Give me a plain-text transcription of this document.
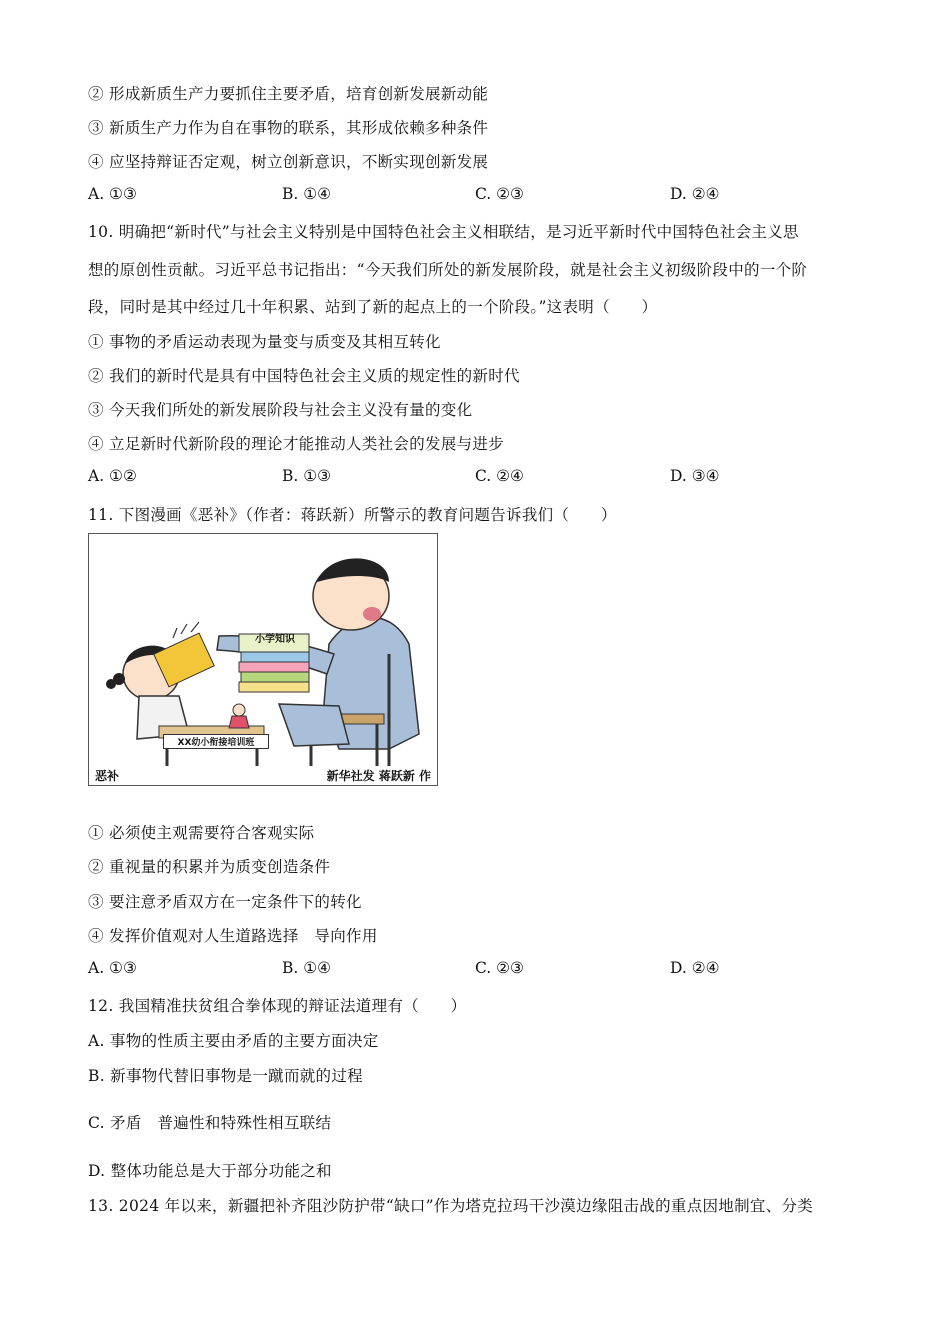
② 形成新质生产力要抓住主要矛盾，培育创新发展新动能
③ 新质生产力作为自在事物的联系，其形成依赖多种条件
④ 应坚持辩证否定观，树立创新意识，不断实现创新发展
A. ①③	B. ①④	C. ②③	D. ②④
10. 明确把“新时代”与社会主义特别是中国特色社会主义相联结，是习近平新时代中国特色社会主义思
想的原创性贡献。习近平总书记指出：“今天我们所处的新发展阶段，就是社会主义初级阶段中的一个阶
段，同时是其中经过几十年积累、站到了新的起点上的一个阶段。”这表明（　　）
① 事物的矛盾运动表现为量变与质变及其相互转化
② 我们的新时代是具有中国特色社会主义质的规定性的新时代
③ 今天我们所处的新发展阶段与社会主义没有量的变化
④ 立足新时代新阶段的理论才能推动人类社会的发展与进步
A. ①②	B. ①③	C. ②④	D. ③④
11. 下图漫画《恶补》（作者：蒋跃新）所警示的教育问题告诉我们（　　）
小学知识
XX幼小衔接培训班
恶补	新华社发 蒋跃新 作
① 必须使主观需要符合客观实际
② 重视量的积累并为质变创造条件
③ 要注意矛盾双方在一定条件下的转化
④ 发挥价值观对人生道路选择　导向作用
A. ①③	B. ①④	C. ②③	D. ②④
12. 我国精准扶贫组合拳体现的辩证法道理有（　　）
A. 事物的性质主要由矛盾的主要方面决定
B. 新事物代替旧事物是一蹴而就的过程
C. 矛盾　普遍性和特殊性相互联结
D. 整体功能总是大于部分功能之和
13. 2024 年以来，新疆把补齐阻沙防护带“缺口”作为塔克拉玛干沙漠边缘阻击战的重点因地制宜、分类
